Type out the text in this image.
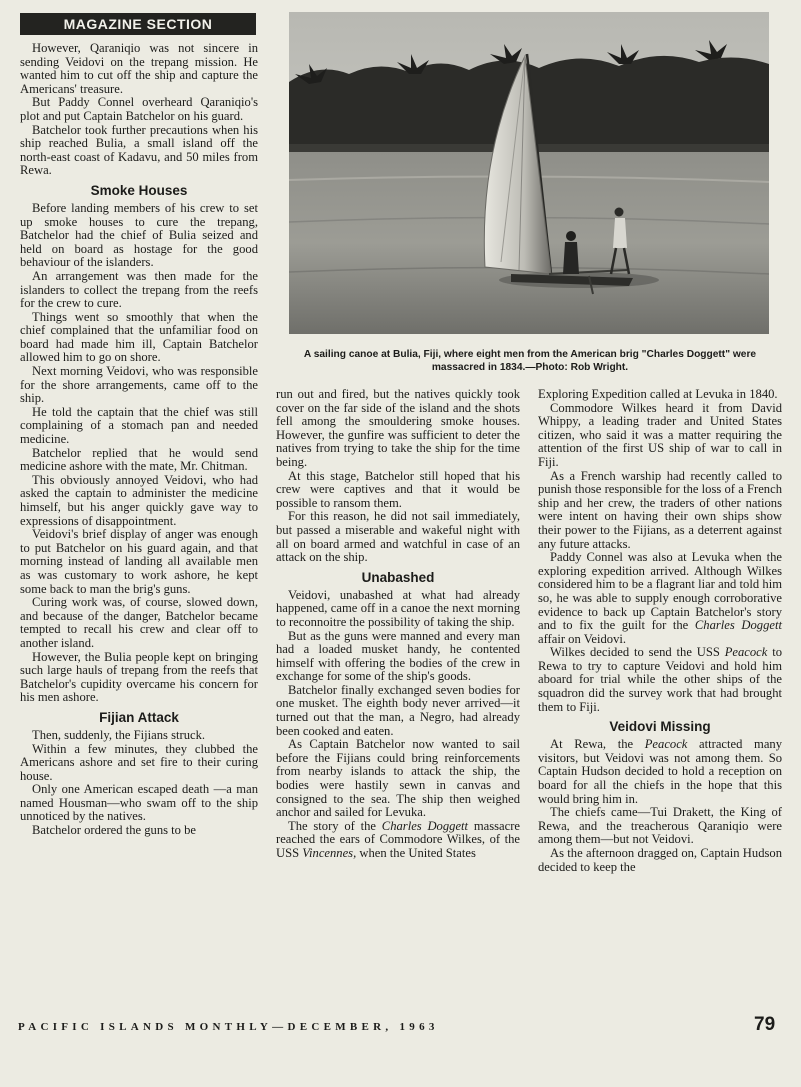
MAGAZINE SECTION
A sailing canoe at Bulia, Fiji, where eight men from the American brig "Charles Doggett" were massacred in 1834.—Photo: Rob Wright.

However, Qaraniqio was not sincere in sending Veidovi on the trepang mission. He wanted him to cut off the ship and capture the Americans' treasure.

But Paddy Connel overheard Qaraniqio's plot and put Captain Batchelor on his guard.

Batchelor took further precautions when his ship reached Bulia, a small island off the north-east coast of Kadavu, and 50 miles from Rewa.

Smoke Houses

Before landing members of his crew to set up smoke houses to cure the trepang, Batchelor had the chief of Bulia seized and held on board as hostage for the good behaviour of the islanders.

An arrangement was then made for the islanders to collect the trepang from the reefs for the crew to cure.

Things went so smoothly that when the chief complained that the unfamiliar food on board had made him ill, Captain Batchelor allowed him to go on shore.

Next morning Veidovi, who was responsible for the shore arrangements, came off to the ship.

He told the captain that the chief was still complaining of a stomach pan and needed medicine.

Batchelor replied that he would send medicine ashore with the mate, Mr. Chitman.

This obviously annoyed Veidovi, who had asked the captain to administer the medicine himself, but his anger quickly gave way to expressions of disappointment.

Veidovi's brief display of anger was enough to put Batchelor on his guard again, and that morning instead of landing all available men as was customary to work ashore, he kept some back to man the brig's guns.

Curing work was, of course, slowed down, and because of the danger, Batchelor became tempted to recall his crew and clear off to another island.

However, the Bulia people kept on bringing such large hauls of trepang from the reefs that Batchelor's cupidity overcame his concern for his men ashore.

Fijian Attack

Then, suddenly, the Fijians struck.

Within a few minutes, they clubbed the Americans ashore and set fire to their curing house.

Only one American escaped death —a man named Housman—who swam off to the ship unnoticed by the natives.

Batchelor ordered the guns to be

run out and fired, but the natives quickly took cover on the far side of the island and the shots fell among the smouldering smoke houses. However, the gunfire was sufficient to deter the natives from trying to take the ship for the time being.

At this stage, Batchelor still hoped that his crew were captives and that it would be possible to ransom them.

For this reason, he did not sail immediately, but passed a miserable and wakeful night with all on board armed and watchful in case of an attack on the ship.

Unabashed

Veidovi, unabashed at what had already happened, came off in a canoe the next morning to reconnoitre the possibility of taking the ship.

But as the guns were manned and every man had a loaded musket handy, he contented himself with offering the bodies of the crew in exchange for some of the ship's goods.

Batchelor finally exchanged seven bodies for one musket. The eighth body never arrived—it turned out that the man, a Negro, had already been cooked and eaten.

As Captain Batchelor now wanted to sail before the Fijians could bring reinforcements from nearby islands to attack the ship, the bodies were hastily sewn in canvas and consigned to the sea. The ship then weighed anchor and sailed for Levuka.

The story of the Charles Doggett massacre reached the ears of Commodore Wilkes, of the USS Vincennes, when the United States

Exploring Expedition called at Levuka in 1840.

Commodore Wilkes heard it from David Whippy, a leading trader and United States citizen, who said it was a matter requiring the attention of the first US ship of war to call in Fiji.

As a French warship had recently called to punish those responsible for the loss of a French ship and her crew, the traders of other nations were intent on having their own ships show their power to the Fijians, as a deterrent against any future attacks.

Paddy Connel was also at Levuka when the exploring expedition arrived. Although Wilkes considered him to be a flagrant liar and told him so, he was able to supply enough corroborative evidence to back up Captain Batchelor's story and to fix the guilt for the Charles Doggett affair on Veidovi.

Wilkes decided to send the USS Peacock to Rewa to try to capture Veidovi and hold him aboard for trial while the other ships of the squadron did the survey work that had brought them to Fiji.

Veidovi Missing

At Rewa, the Peacock attracted many visitors, but Veidovi was not among them. So Captain Hudson decided to hold a reception on board for all the chiefs in the hope that this would bring him in.

The chiefs came—Tui Drakett, the King of Rewa, and the treacherous Qaraniqio were among them—but not Veidovi.

As the afternoon dragged on, Captain Hudson decided to keep the

PACIFIC ISLANDS MONTHLY—DECEMBER, 1963	79
